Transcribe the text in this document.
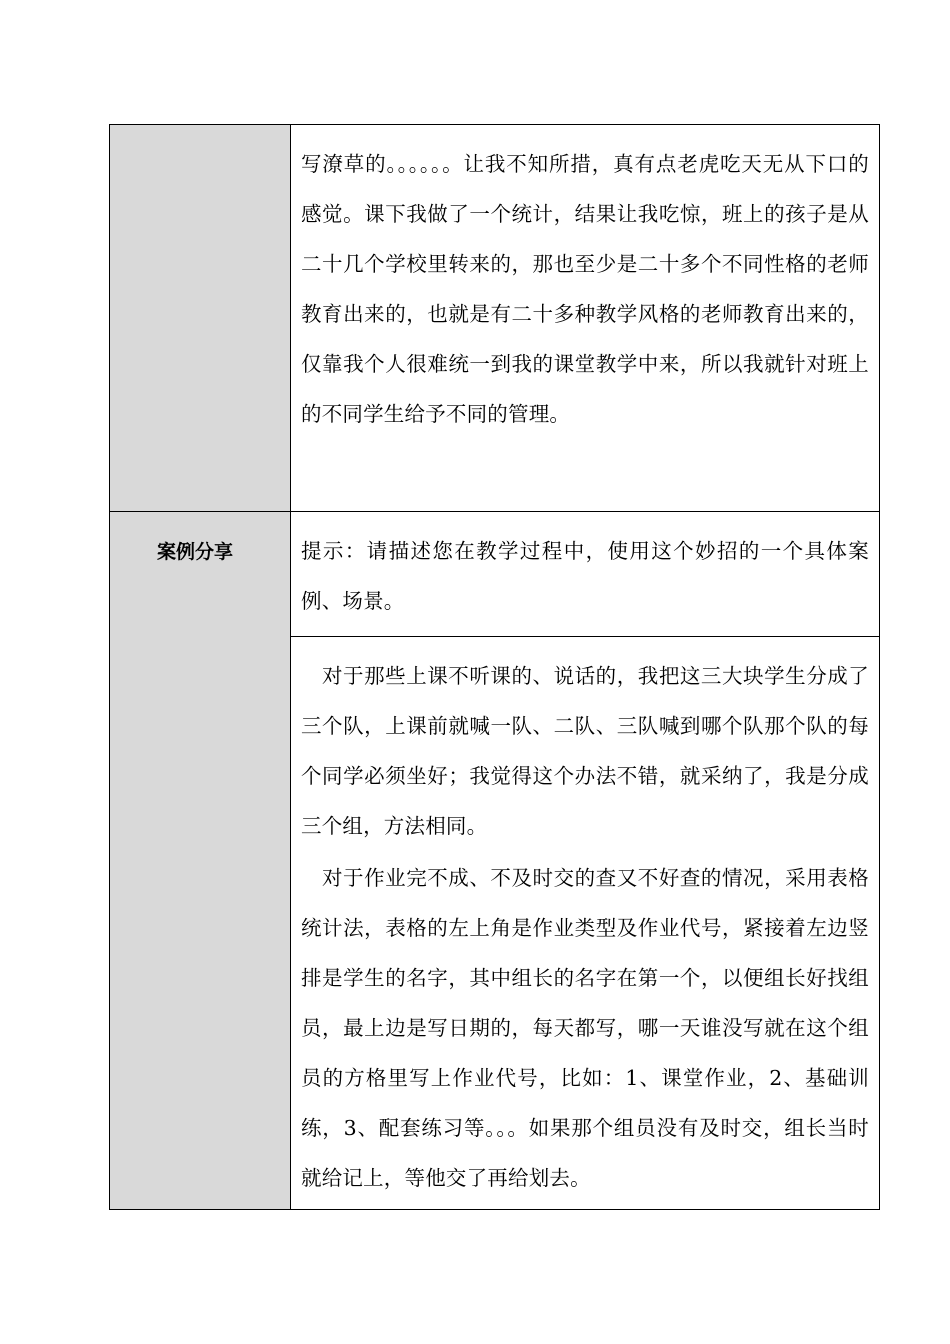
	写潦草的。。。。。。让我不知所措，真有点老虎吃天无从下口的感觉。课下我做了一个统计，结果让我吃惊，班上的孩子是从二十几个学校里转来的，那也至少是二十多个不同性格的老师教育出来的，也就是有二十多种教学风格的老师教育出来的，仅靠我个人很难统一到我的课堂教学中来，所以我就针对班上的不同学生给予不同的管理。

案例分享	提示：请描述您在教学过程中，使用这个妙招的一个具体案例、场景。

	对于那些上课不听课的、说话的，我把这三大块学生分成了三个队，上课前就喊一队、二队、三队喊到哪个队那个队的每个同学必须坐好；我觉得这个办法不错，就采纳了，我是分成三个组，方法相同。

对于作业完不成、不及时交的查又不好查的情况，采用表格统计法，表格的左上角是作业类型及作业代号，紧接着左边竖排是学生的名字，其中组长的名字在第一个，以便组长好找组员，最上边是写日期的，每天都写，哪一天谁没写就在这个组员的方格里写上作业代号，比如：1、课堂作业，2、基础训练，3、配套练习等。。。如果那个组员没有及时交，组长当时就给记上，等他交了再给划去。
